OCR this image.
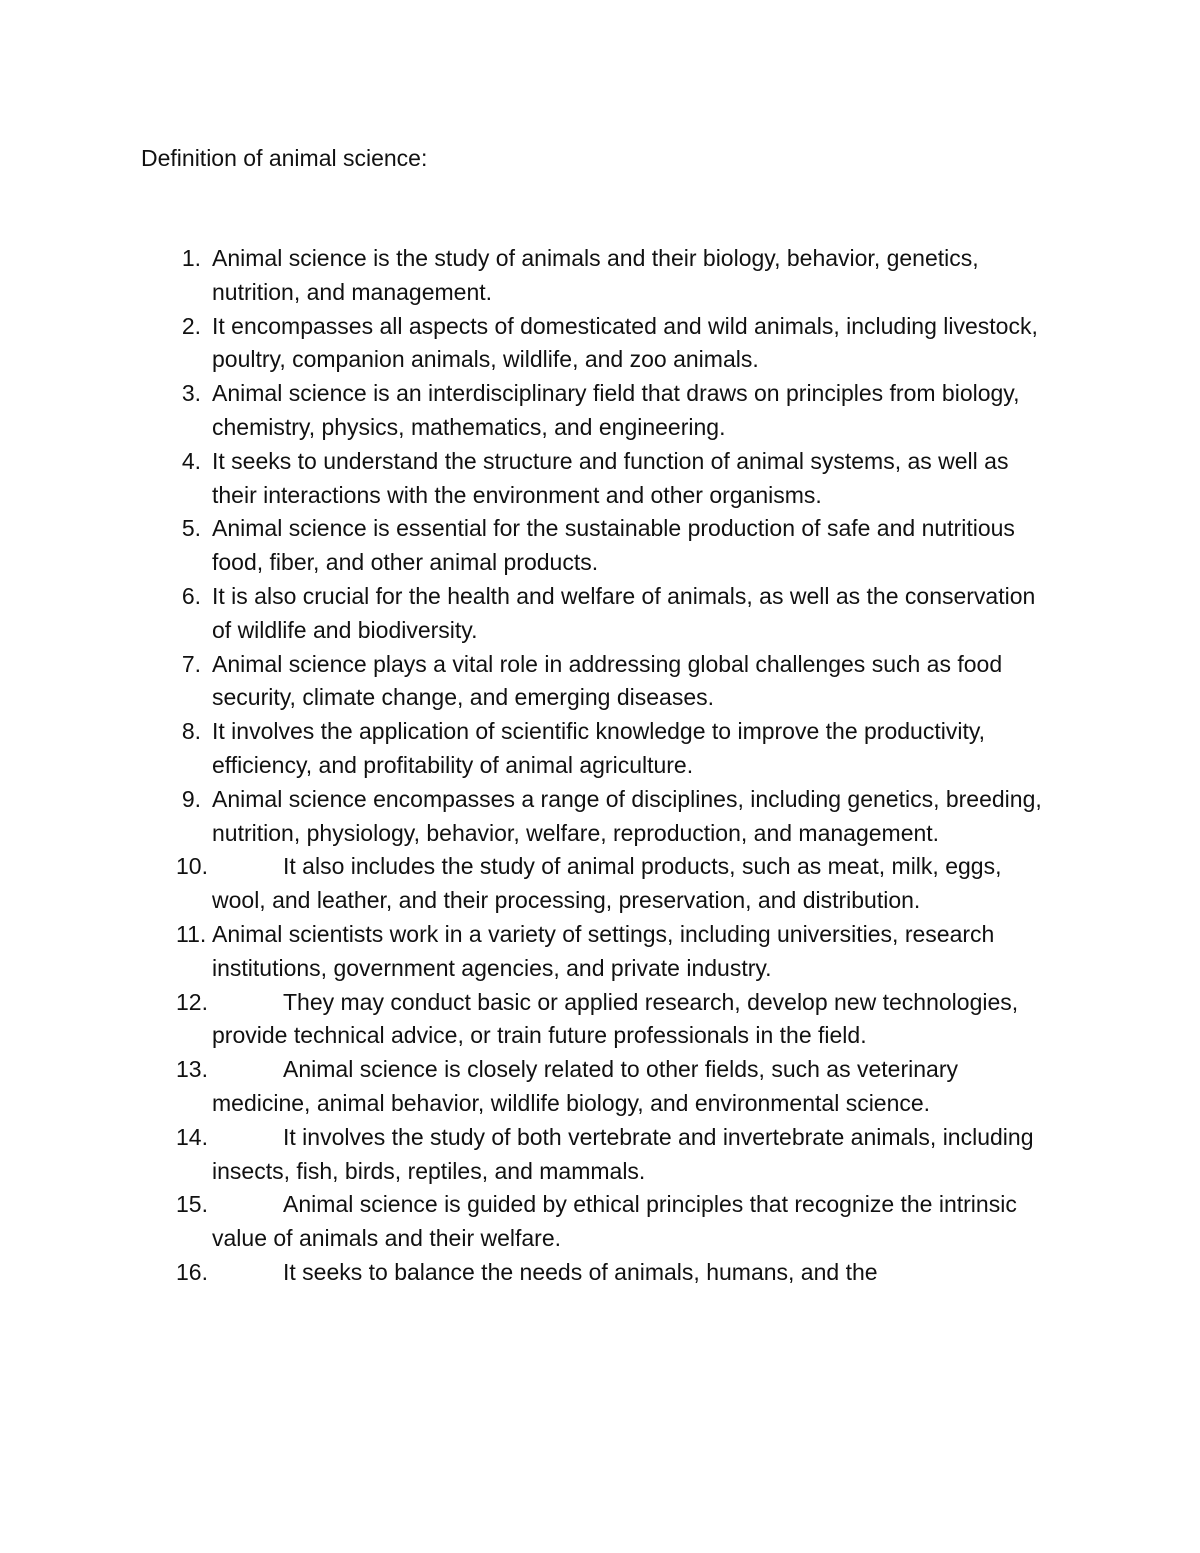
Definition of animal science:
1. Animal science is the study of animals and their biology, behavior, genetics, nutrition, and management.
2. It encompasses all aspects of domesticated and wild animals, including livestock, poultry, companion animals, wildlife, and zoo animals.
3. Animal science is an interdisciplinary field that draws on principles from biology, chemistry, physics, mathematics, and engineering.
4. It seeks to understand the structure and function of animal systems, as well as their interactions with the environment and other organisms.
5. Animal science is essential for the sustainable production of safe and nutritious food, fiber, and other animal products.
6. It is also crucial for the health and welfare of animals, as well as the conservation of wildlife and biodiversity.
7. Animal science plays a vital role in addressing global challenges such as food security, climate change, and emerging diseases.
8. It involves the application of scientific knowledge to improve the productivity, efficiency, and profitability of animal agriculture.
9. Animal science encompasses a range of disciplines, including genetics, breeding, nutrition, physiology, behavior, welfare, reproduction, and management.
10.	It also includes the study of animal products, such as meat, milk, eggs, wool, and leather, and their processing, preservation, and distribution.
11. Animal scientists work in a variety of settings, including universities, research institutions, government agencies, and private industry.
12.	They may conduct basic or applied research, develop new technologies, provide technical advice, or train future professionals in the field.
13.	Animal science is closely related to other fields, such as veterinary medicine, animal behavior, wildlife biology, and environmental science.
14.	It involves the study of both vertebrate and invertebrate animals, including insects, fish, birds, reptiles, and mammals.
15.	Animal science is guided by ethical principles that recognize the intrinsic value of animals and their welfare.
16.	It seeks to balance the needs of animals, humans, and the
